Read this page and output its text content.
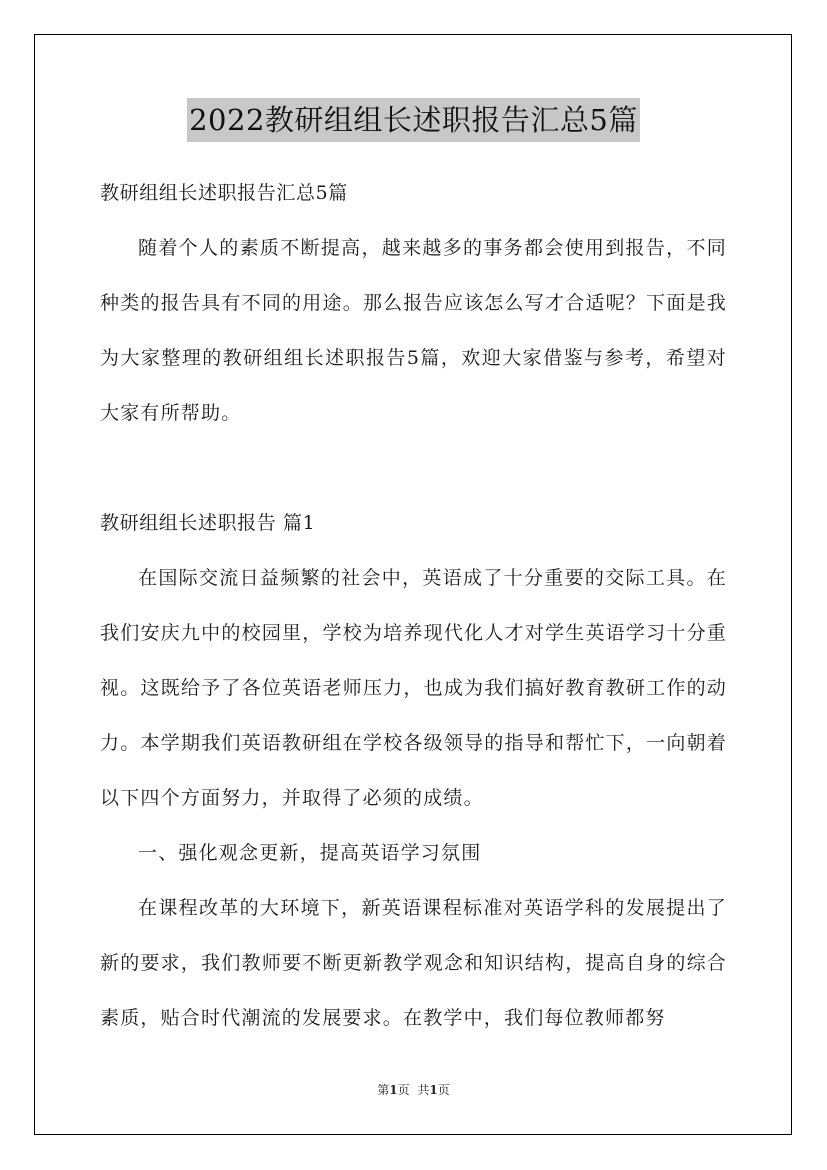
2022教研组组长述职报告汇总5篇

教研组组长述职报告汇总5篇

随着个人的素质不断提高，越来越多的事务都会使用到报告，不同种类的报告具有不同的用途。那么报告应该怎么写才合适呢？下面是我为大家整理的教研组组长述职报告5篇，欢迎大家借鉴与参考，希望对大家有所帮助。

教研组组长述职报告 篇1

在国际交流日益频繁的社会中，英语成了十分重要的交际工具。在我们安庆九中的校园里，学校为培养现代化人才对学生英语学习十分重视。这既给予了各位英语老师压力，也成为我们搞好教育教研工作的动力。本学期我们英语教研组在学校各级领导的指导和帮忙下，一向朝着以下四个方面努力，并取得了必须的成绩。

一、强化观念更新，提高英语学习氛围

在课程改革的大环境下，新英语课程标准对英语学科的发展提出了新的要求，我们教师要不断更新教学观念和知识结构，提高自身的综合素质，贴合时代潮流的发展要求。在教学中，我们每位教师都努

第1页 共1页
